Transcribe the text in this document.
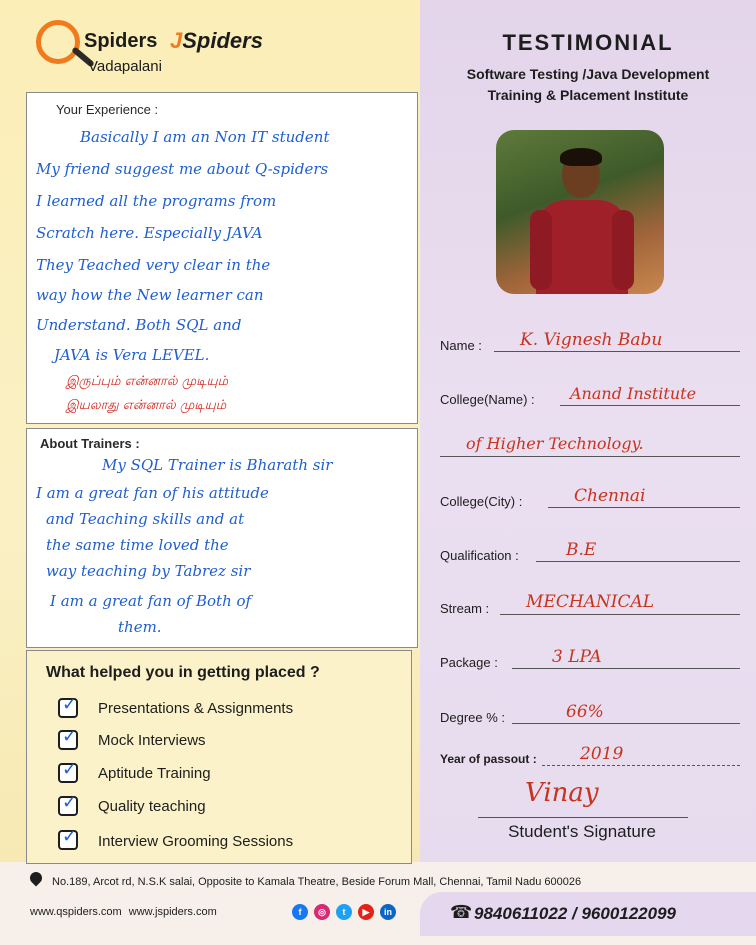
Spiders JSpiders
Vadapalani
TESTIMONIAL
Software Testing /Java Development
Training & Placement Institute
Your Experience :
Basically I am an Non IT student
My friend suggest me about Q-spiders
I learned all the programs from
Scratch here. Especially JAVA
They Teached very clear in the
way how the New learner can
Understand. Both SQL and
JAVA is Vera LEVEL.
இருப்பும் என்னால் முடியும்
இயலாது என்னால் முடியும்
About Trainers :
My SQL Trainer is Bharath sir
I am a great fan of his attitude
and Teaching skills and at
the same time loved the
way teaching by Tabrez sir
I am a great fan of Both of
them.
What helped you in getting placed ?
✓ Presentations & Assignments
✓ Mock Interviews
✓ Aptitude Training
✓ Quality teaching
✓ Interview Grooming Sessions
Name : K. Vignesh Babu
College(Name) : Anand Institute
of Higher Technology.
College(City) :	Chennai
Qualification :	B.E
Stream : MECHANICAL
Package :	3 LPA
Degree % :	66%
Year of passout :	2019
Vinay
Student's Signature
No.189, Arcot rd, N.S.K salai, Opposite to Kamala Theatre, Beside Forum Mall, Chennai, Tamil Nadu 600026
www.qspiders.com www.jspiders.com	f	◎	t	▶	in	☎ 9840611022 / 9600122099
